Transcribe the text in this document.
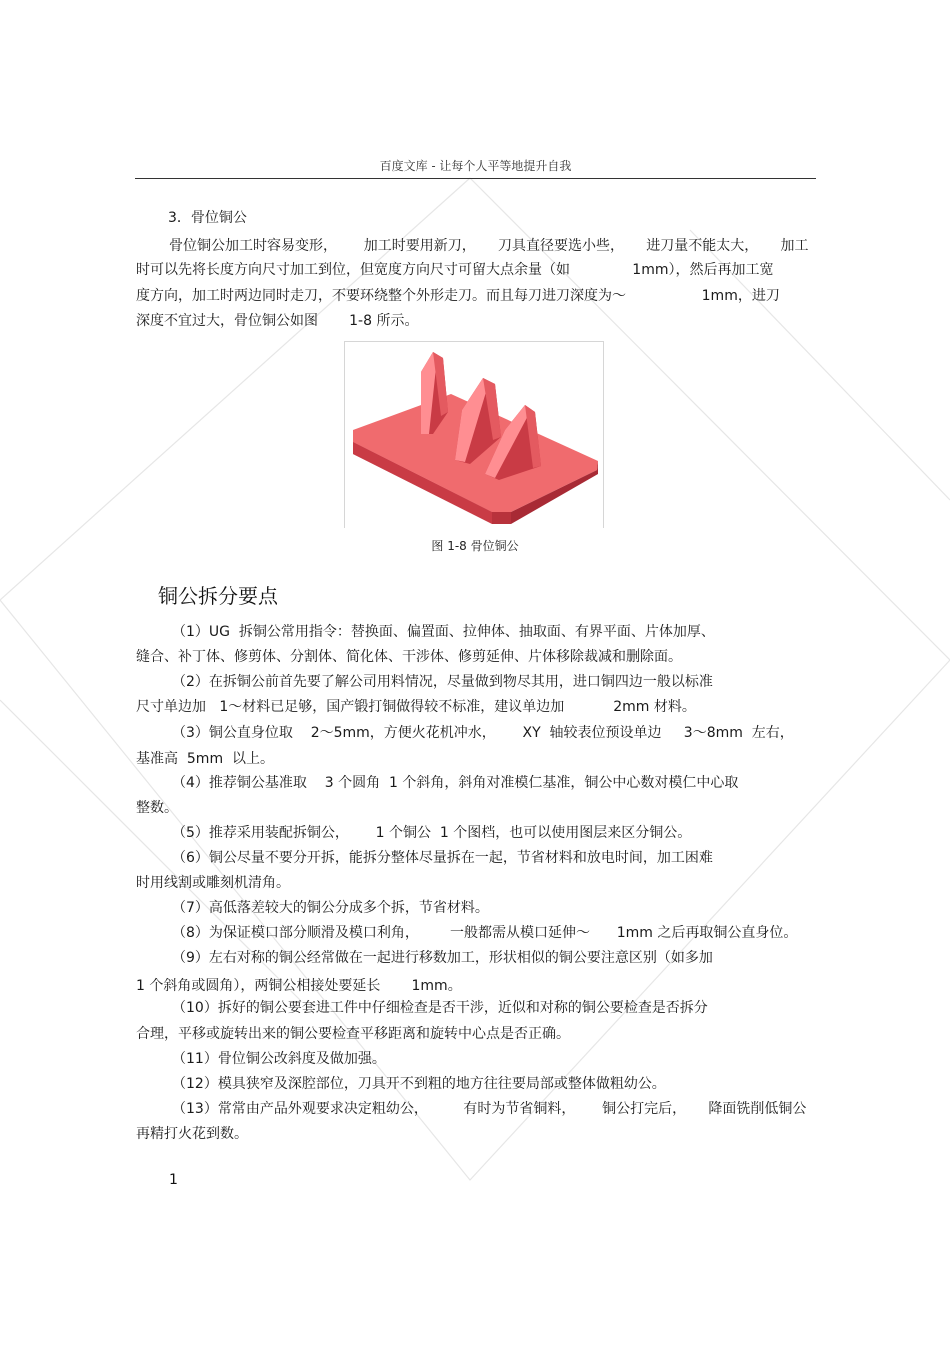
百度文库 - 让每个人平等地提升自我
3．骨位铜公
骨位铜公加工时容易变形，      加工时要用新刀，     刀具直径要选小些，     进刀量不能太大，     加工
时可以先将长度方向尺寸加工到位，但宽度方向尺寸可留大点余量（如              1mm），然后再加工宽
度方向，加工时两边同时走刀，不要环绕整个外形走刀。而且每刀进刀深度为～                 1mm，进刀
深度不宜过大，骨位铜公如图       1-8 所示。
图 1-8 骨位铜公
铜公拆分要点
（1）UG  拆铜公常用指令：替换面、偏置面、拉伸体、抽取面、有界平面、片体加厚、
缝合、补丁体、修剪体、分割体、简化体、干涉体、修剪延伸、片体移除裁减和删除面。
（2）在拆铜公前首先要了解公司用料情况，尽量做到物尽其用，进口铜四边一般以标准
尺寸单边加   1～材料已足够，国产锻打铜做得较不标准，建议单边加           2mm 材料。
（3）铜公直身位取    2～5mm，方便火花机冲水，      XY  轴较表位预设单边     3～8mm  左右，
基准高  5mm  以上。
（4）推荐铜公基准取    3 个圆角  1 个斜角，斜角对准模仁基准，铜公中心数对模仁中心取
整数。
（5）推荐采用装配拆铜公，      1 个铜公  1 个图档，也可以使用图层来区分铜公。
（6）铜公尽量不要分开拆，能拆分整体尽量拆在一起，节省材料和放电时间，加工困难
时用线割或雕刻机清角。
（7）高低落差较大的铜公分成多个拆，节省材料。
（8）为保证模口部分顺滑及模口利角，       一般都需从模口延伸～      1mm 之后再取铜公直身位。
（9）左右对称的铜公经常做在一起进行移数加工，形状相似的铜公要注意区别（如多加
1 个斜角或圆角），两铜公相接处要延长       1mm。
（10）拆好的铜公要套进工件中仔细检查是否干涉，近似和对称的铜公要检查是否拆分
合理，平移或旋转出来的铜公要检查平移距离和旋转中心点是否正确。
（11）骨位铜公改斜度及做加强。
（12）模具狭窄及深腔部位，刀具开不到粗的地方往往要局部或整体做粗幼公。
（13）常常由产品外观要求决定粗幼公，        有时为节省铜料，      铜公打完后，     降面铣削低铜公
再精打火花到数。
1
